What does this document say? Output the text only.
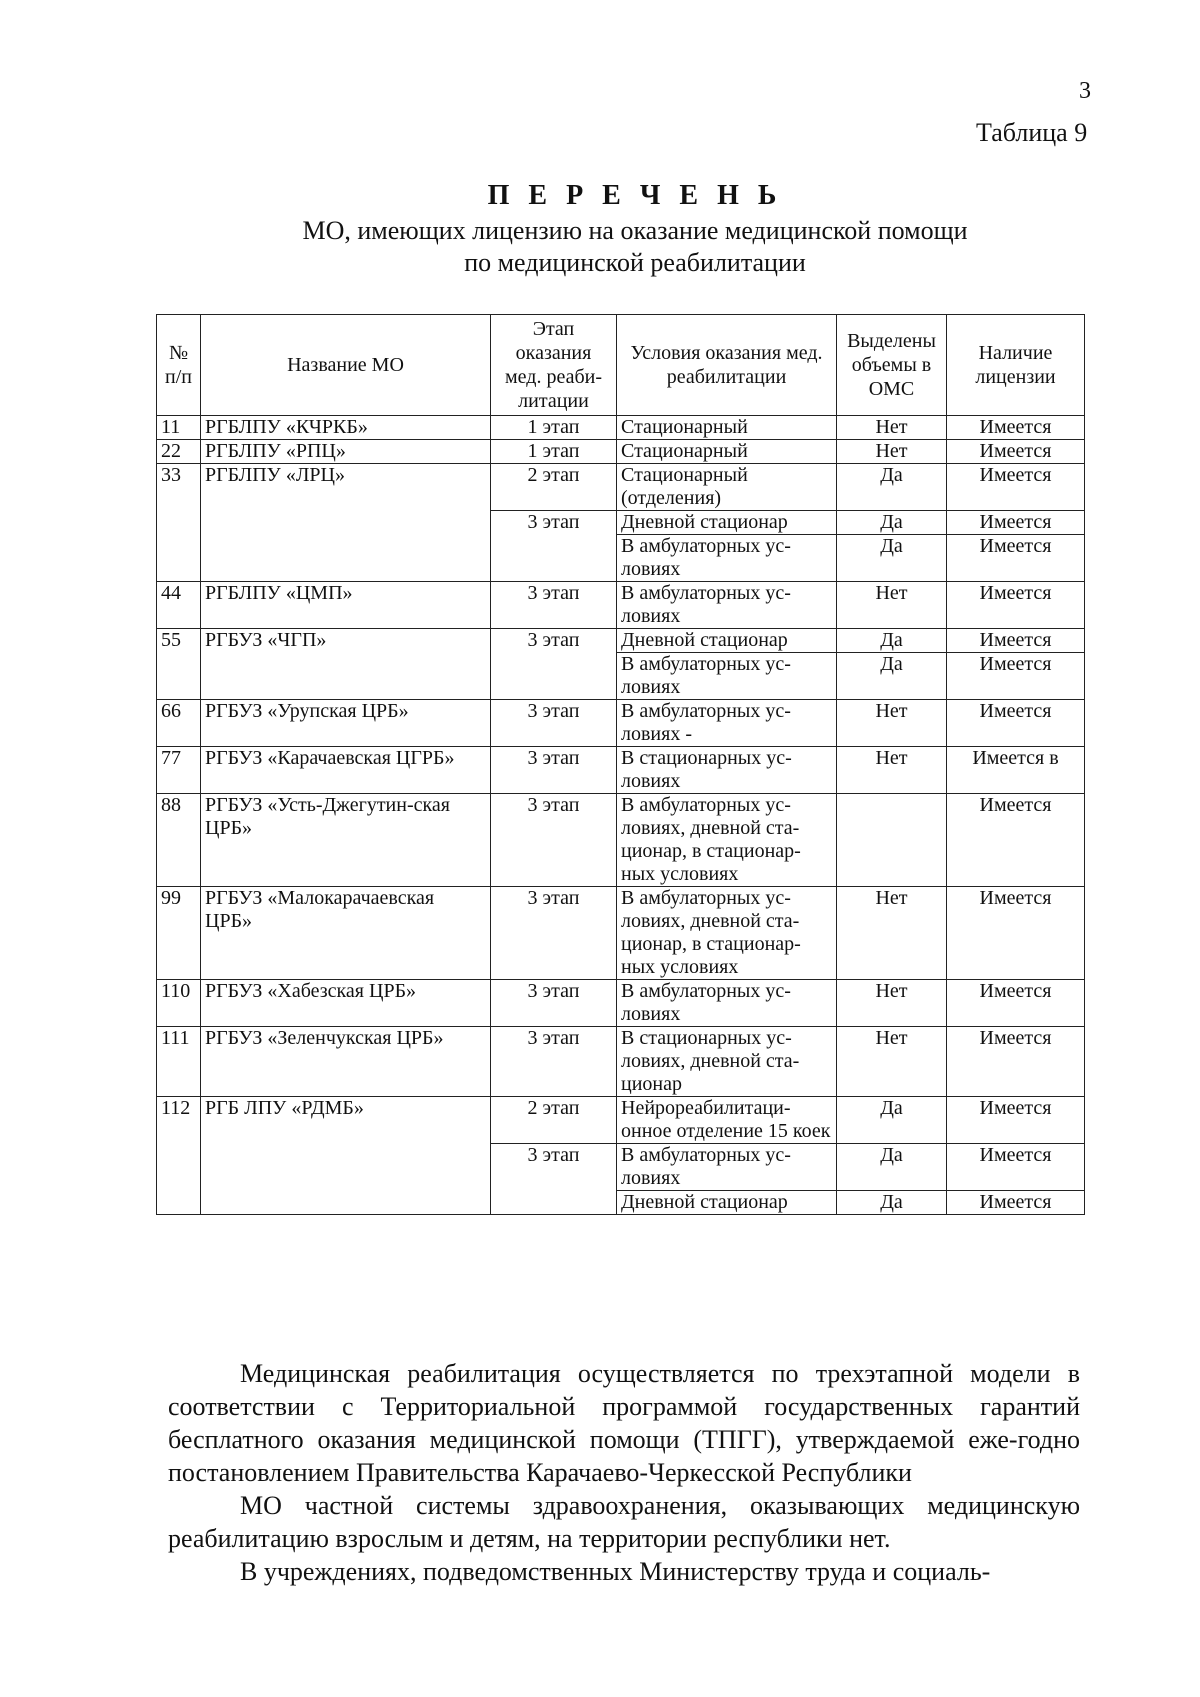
3
Таблица 9
П Е Р Е Ч Е Н Ь
МО, имеющих лицензию на оказание медицинской помощи
по медицинской реабилитации
№ п/п	Название МО	Этап оказания мед. реаби-литации	Условия оказания мед. реабилитации	Выделены объемы в ОМС	Наличие лицензии
11	РГБЛПУ «КЧРКБ»	1 этап	Стационарный	Нет	Имеется
22	РГБЛПУ «РПЦ»	1 этап	Стационарный	Нет	Имеется
33	РГБЛПУ «ЛРЦ»	2 этап	Стационарный (отделения)	Да	Имеется
		3 этап	Дневной стационар	Да	Имеется
			В амбулаторных ус-ловиях	Да	Имеется
44	РГБЛПУ «ЦМП»	3 этап	В амбулаторных ус-ловиях	Нет	Имеется
55	РГБУЗ «ЧГП»	3 этап	Дневной стационар	Да	Имеется
			В амбулаторных ус-ловиях	Да	Имеется
66	РГБУЗ «Урупская ЦРБ»	3 этап	В амбулаторных ус-ловиях -	Нет	Имеется
77	РГБУЗ «Карачаевская ЦГРБ»	3 этап	В стационарных ус-ловиях	Нет	Имеется в
88	РГБУЗ «Усть-Джегутин-ская ЦРБ»	3 этап	В амбулаторных ус-ловиях, дневной ста-ционар, в стационар-ных условиях		Имеется
99	РГБУЗ «Малокарачаевская ЦРБ»	3 этап	В амбулаторных ус-ловиях, дневной ста-ционар, в стационар-ных условиях	Нет	Имеется
110	РГБУЗ «Хабезская ЦРБ»	3 этап	В амбулаторных ус-ловиях	Нет	Имеется
111	РГБУЗ «Зеленчукская ЦРБ»	3 этап	В стационарных ус-ловиях, дневной ста-ционар	Нет	Имеется
112	РГБ ЛПУ «РДМБ»	2 этап	Нейрореабилитаци-онное отделение 15 коек	Да	Имеется
		3 этап	В амбулаторных ус-ловиях	Да	Имеется
			Дневной стационар	Да	Имеется
Медицинская реабилитация осуществляется по трехэтапной модели в соответствии с Территориальной программой государственных гарантий бесплатного оказания медицинской помощи (ТПГГ), утверждаемой еже-годно постановлением Правительства Карачаево-Черкесской Республики
МО частной системы здравоохранения, оказывающих медицинскую реабилитацию взрослым и детям, на территории республики нет.
В учреждениях, подведомственных Министерству труда и социаль-
